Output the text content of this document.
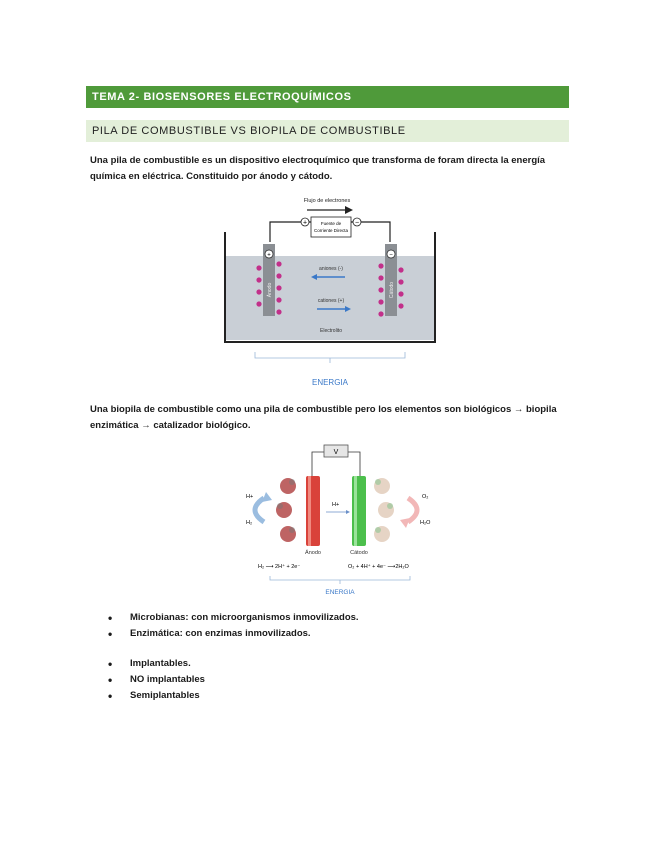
TEMA 2- BIOSENSORES ELECTROQUÍMICOS
PILA DE COMBUSTIBLE VS BIOPILA DE COMBUSTIBLE
Una pila de combustible es un dispositivo electroquímico que transforma de foram directa la energía química en eléctrica. Constituido por ánodo y cátodo.
Flujo de electrones
Fuente de
Corriente Directa
+	−
+	−
Ánodo	Cátodo
aniones (-)
cationes (+)
Electrolito
ENERGIA
Una biopila de combustible como una pila de combustible pero los elementos son biológicos → biopila enzimática → catalizador biológico.
V
H+
H₂
O₂
H₂O
H+
Ánodo	Cátodo
H₂ ⟶ 2H⁺ + 2e⁻	O₂ + 4H⁺ + 4e⁻ ⟶2H₂O
ENERGIA
• Microbianas: con microorganismos inmovilizados.
• Enzimática: con enzimas inmovilizados.
• Implantables.
• NO implantables
• Semiplantables
